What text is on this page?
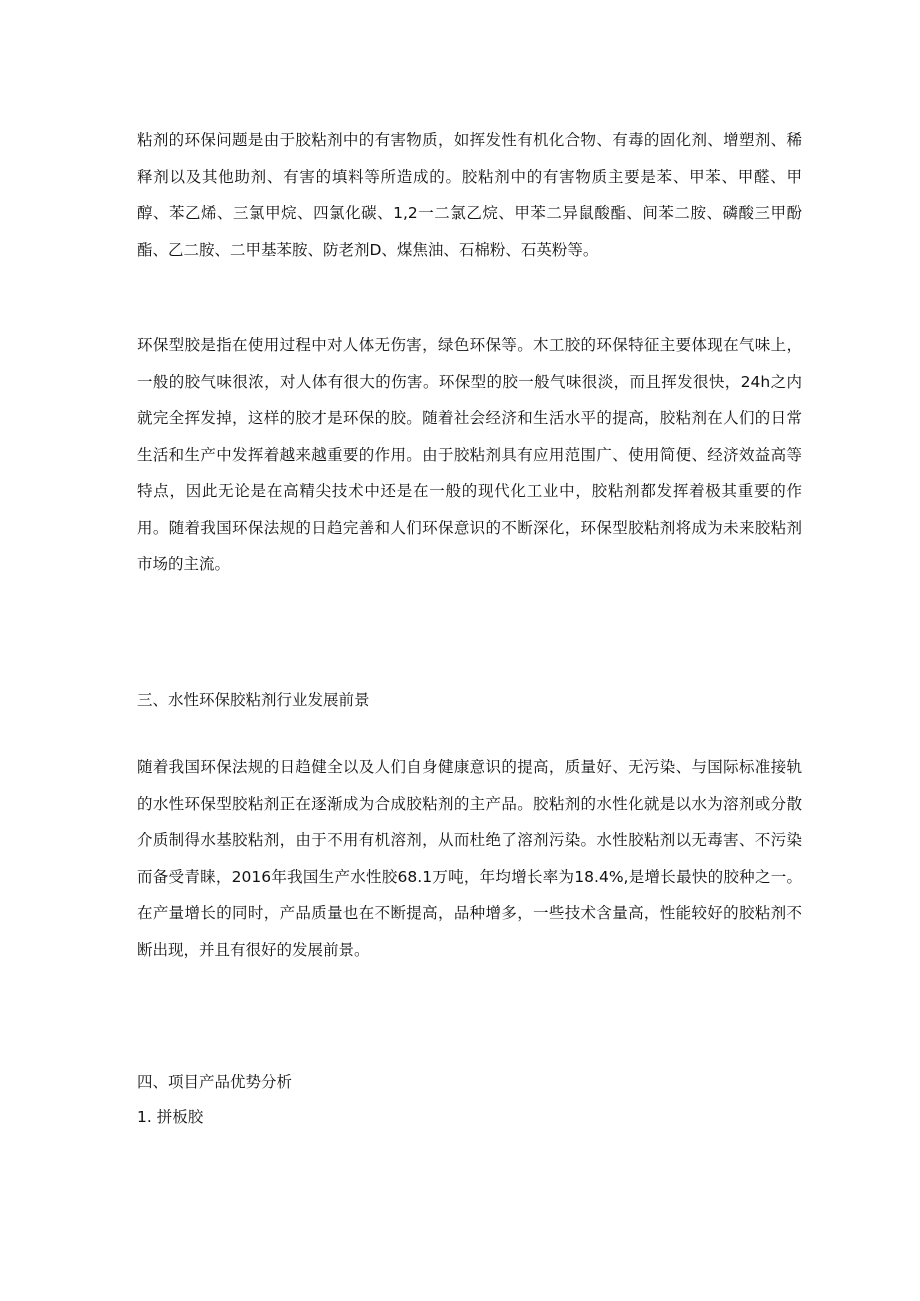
粘剂的环保问题是由于胶粘剂中的有害物质，如挥发性有机化合物、有毒的固化剂、增塑剂、稀释剂以及其他助剂、有害的填料等所造成的。胶粘剂中的有害物质主要是苯、甲苯、甲醛、甲醇、苯乙烯、三氯甲烷、四氯化碳、1,2一二氯乙烷、甲苯二异鼠酸酯、间苯二胺、磷酸三甲酚酯、乙二胺、二甲基苯胺、防老剂D、煤焦油、石棉粉、石英粉等。

环保型胶是指在使用过程中对人体无伤害，绿色环保等。木工胶的环保特征主要体现在气味上，一般的胶气味很浓，对人体有很大的伤害。环保型的胶一般气味很淡，而且挥发很快，24h之内就完全挥发掉，这样的胶才是环保的胶。随着社会经济和生活水平的提高，胶粘剂在人们的日常生活和生产中发挥着越来越重要的作用。由于胶粘剂具有应用范围广、使用简便、经济效益高等特点，因此无论是在高精尖技术中还是在一般的现代化工业中，胶粘剂都发挥着极其重要的作用。随着我国环保法规的日趋完善和人们环保意识的不断深化，环保型胶粘剂将成为未来胶粘剂市场的主流。

三、水性环保胶粘剂行业发展前景

随着我国环保法规的日趋健全以及人们自身健康意识的提高，质量好、无污染、与国际标准接轨的水性环保型胶粘剂正在逐渐成为合成胶粘剂的主产品。胶粘剂的水性化就是以水为溶剂或分散介质制得水基胶粘剂，由于不用有机溶剂，从而杜绝了溶剂污染。水性胶粘剂以无毒害、不污染而备受青睐，2016年我国生产水性胶68.1万吨，年均增长率为18.4%,是增长最快的胶种之一。在产量增长的同时，产品质量也在不断提高，品种增多，一些技术含量高，性能较好的胶粘剂不断出现，并且有很好的发展前景。

四、项目产品优势分析

1. 拼板胶
